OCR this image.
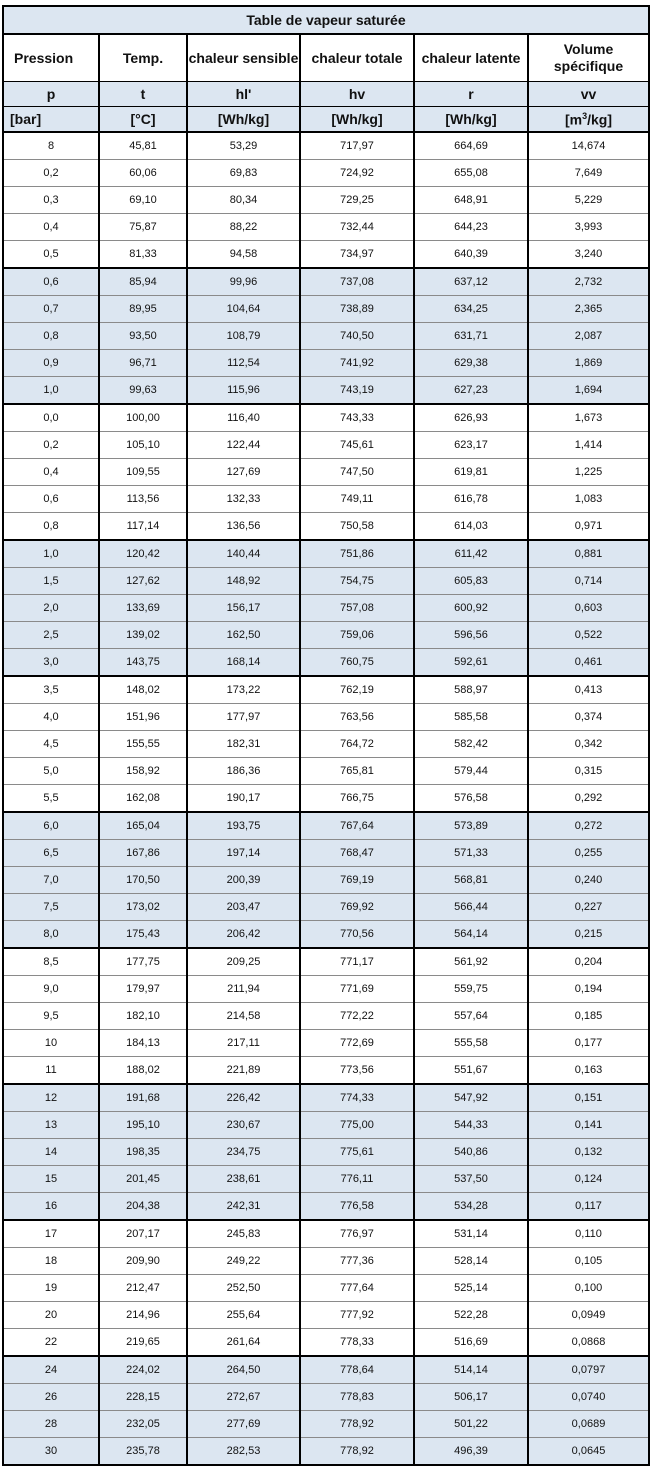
Table de vapeur saturée					
Pression	Temp.	chaleur sensible	chaleur totale	chaleur latente	Volume spécifique
p	t	hl'	hv	r	vv
[bar]	[°C]	[Wh/kg]	[Wh/kg]	[Wh/kg]	$[m^3/kg]$
8	45,81	53,29	717,97	664,69	14,674
0,2	60,06	69,83	724,92	655,08	7,649
0,3	69,10	80,34	729,25	648,91	5,229
0,4	75,87	88,22	732,44	644,23	3,993
0,5	81,33	94,58	734,97	640,39	3,240
0,6	85,94	99,96	737,08	637,12	2,732
0,7	89,95	104,64	738,89	634,25	2,365
0,8	93,50	108,79	740,50	631,71	2,087
0,9	96,71	112,54	741,92	629,38	1,869
1,0	99,63	115,96	743,19	627,23	1,694
0,0	100,00	116,40	743,33	626,93	1,673
0,2	105,10	122,44	745,61	623,17	1,414
0,4	109,55	127,69	747,50	619,81	1,225
0,6	113,56	132,33	749,11	616,78	1,083
0,8	117,14	136,56	750,58	614,03	0,971
1,0	120,42	140,44	751,86	611,42	0,881
1,5	127,62	148,92	754,75	605,83	0,714
2,0	133,69	156,17	757,08	600,92	0,603
2,5	139,02	162,50	759,06	596,56	0,522
3,0	143,75	168,14	760,75	592,61	0,461
3,5	148,02	173,22	762,19	588,97	0,413
4,0	151,96	177,97	763,56	585,58	0,374
4,5	155,55	182,31	764,72	582,42	0,342
5,0	158,92	186,36	765,81	579,44	0,315
5,5	162,08	190,17	766,75	576,58	0,292
6,0	165,04	193,75	767,64	573,89	0,272
6,5	167,86	197,14	768,47	571,33	0,255
7,0	170,50	200,39	769,19	568,81	0,240
7,5	173,02	203,47	769,92	566,44	0,227
8,0	175,43	206,42	770,56	564,14	0,215
8,5	177,75	209,25	771,17	561,92	0,204
9,0	179,97	211,94	771,69	559,75	0,194
9,5	182,10	214,58	772,22	557,64	0,185
10	184,13	217,11	772,69	555,58	0,177
11	188,02	221,89	773,56	551,67	0,163
12	191,68	226,42	774,33	547,92	0,151
13	195,10	230,67	775,00	544,33	0,141
14	198,35	234,75	775,61	540,86	0,132
15	201,45	238,61	776,11	537,50	0,124
16	204,38	242,31	776,58	534,28	0,117
17	207,17	245,83	776,97	531,14	0,110
18	209,90	249,22	777,36	528,14	0,105
19	212,47	252,50	777,64	525,14	0,100
20	214,96	255,64	777,92	522,28	0,0949
22	219,65	261,64	778,33	516,69	0,0868
24	224,02	264,50	778,64	514,14	0,0797
26	228,15	272,67	778,83	506,17	0,0740
28	232,05	277,69	778,92	501,22	0,0689
30	235,78	282,53	778,92	496,39	0,0645
